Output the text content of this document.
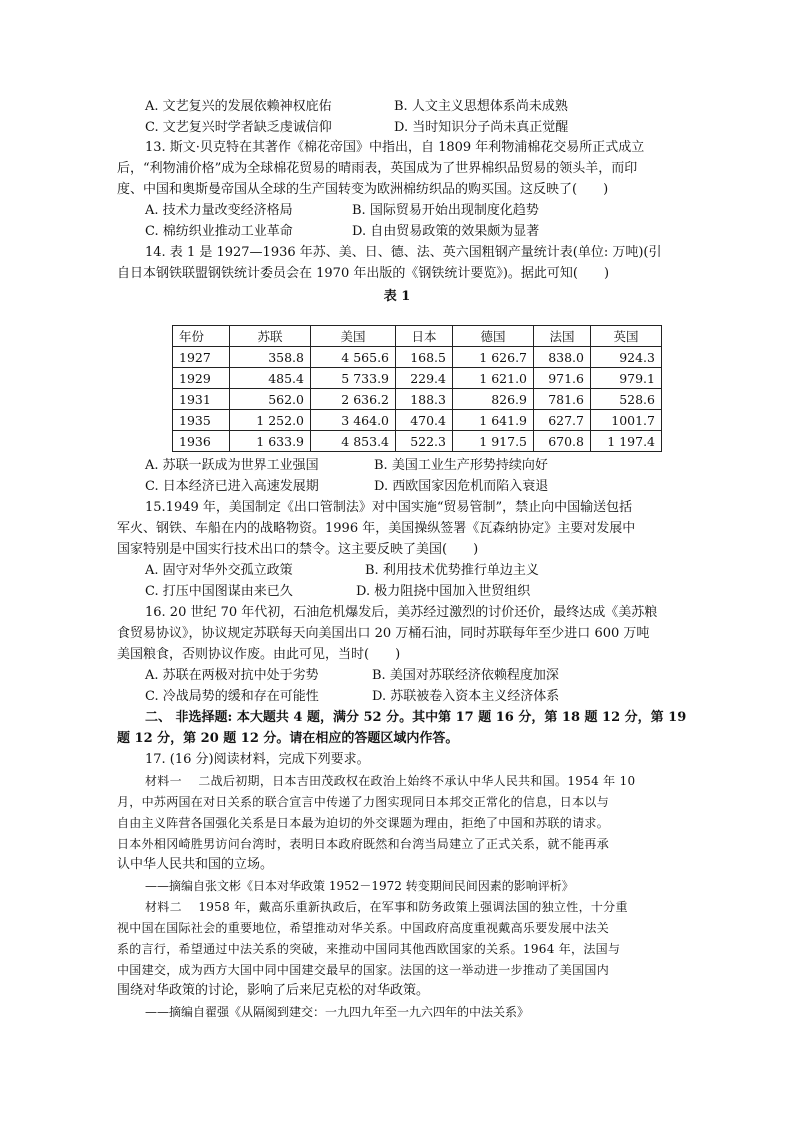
A. 文艺复兴的发展依赖神权庇佑	B. 人文主义思想体系尚未成熟
C. 文艺复兴时学者缺乏虔诚信仰	D. 当时知识分子尚未真正觉醒
13. 斯文·贝克特在其著作《棉花帝国》中指出，自 1809 年利物浦棉花交易所正式成立
后，“利物浦价格”成为全球棉花贸易的晴雨表，英国成为了世界棉织品贸易的领头羊，而印
度、中国和奥斯曼帝国从全球的生产国转变为欧洲棉纺织品的购买国。这反映了(　　)
A. 技术力量改变经济格局	B. 国际贸易开始出现制度化趋势
C. 棉纺织业推动工业革命	D. 自由贸易政策的效果颇为显著
14. 表 1 是 1927—1936 年苏、美、日、德、法、英六国粗钢产量统计表(单位: 万吨)(引
自日本钢铁联盟钢铁统计委员会在 1970 年出版的《钢铁统计要览》)。据此可知(　　)
表 1
年份	苏联	美国	日本	德国	法国	英国
1927	358.8	4 565.6	168.5	1 626.7	838.0	924.3
1929	485.4	5 733.9	229.4	1 621.0	971.6	979.1
1931	562.0	2 636.2	188.3	826.9	781.6	528.6
1935	1 252.0	3 464.0	470.4	1 641.9	627.7	1001.7
1936	1 633.9	4 853.4	522.3	1 917.5	670.8	1 197.4
A. 苏联一跃成为世界工业强国	B. 美国工业生产形势持续向好
C. 日本经济已进入高速发展期	D. 西欧国家因危机而陷入衰退
15.1949 年，美国制定《出口管制法》对中国实施“贸易管制”，禁止向中国输送包括
军火、钢铁、车船在内的战略物资。1996 年，美国操纵签署《瓦森纳协定》主要对发展中
国家特别是中国实行技术出口的禁令。这主要反映了美国(　　)
A. 固守对华外交孤立政策	B. 利用技术优势推行单边主义
C. 打压中国图谋由来已久	D. 极力阻挠中国加入世贸组织
16. 20 世纪 70 年代初，石油危机爆发后，美苏经过激烈的讨价还价，最终达成《美苏粮
食贸易协议》，协议规定苏联每天向美国出口 20 万桶石油，同时苏联每年至少进口 600 万吨
美国粮食，否则协议作废。由此可见，当时(　　)
A. 苏联在两极对抗中处于劣势	B. 美国对苏联经济依赖程度加深
C. 冷战局势的缓和存在可能性	D. 苏联被卷入资本主义经济体系
二、 非选择题: 本大题共 4 题，满分 52 分。其中第 17 题 16 分，第 18 题 12 分，第 19
题 12 分，第 20 题 12 分。请在相应的答题区域内作答。
17. (16 分)阅读材料，完成下列要求。
材料一　 二战后初期，日本吉田茂政权在政治上始终不承认中华人民共和国。1954 年 10
月，中苏两国在对日关系的联合宣言中传递了力图实现同日本邦交正常化的信息，日本以与
自由主义阵营各国强化关系是日本最为迫切的外交课题为理由，拒绝了中国和苏联的请求。
日本外相冈崎胜男访问台湾时，表明日本政府既然和台湾当局建立了正式关系，就不能再承
认中华人民共和国的立场。
——摘编自张文彬《日本对华政策 1952－1972 转变期间民间因素的影响评析》
材料二　 1958 年，戴高乐重新执政后，在军事和防务政策上强调法国的独立性，十分重
视中国在国际社会的重要地位，希望推动对华关系。中国政府高度重视戴高乐要发展中法关
系的言行，希望通过中法关系的突破，来推动中国同其他西欧国家的关系。1964 年，法国与
中国建交，成为西方大国中同中国建交最早的国家。法国的这一举动进一步推动了美国国内
围绕对华政策的讨论，影响了后来尼克松的对华政策。
——摘编自翟强《从隔阂到建交：一九四九年至一九六四年的中法关系》
